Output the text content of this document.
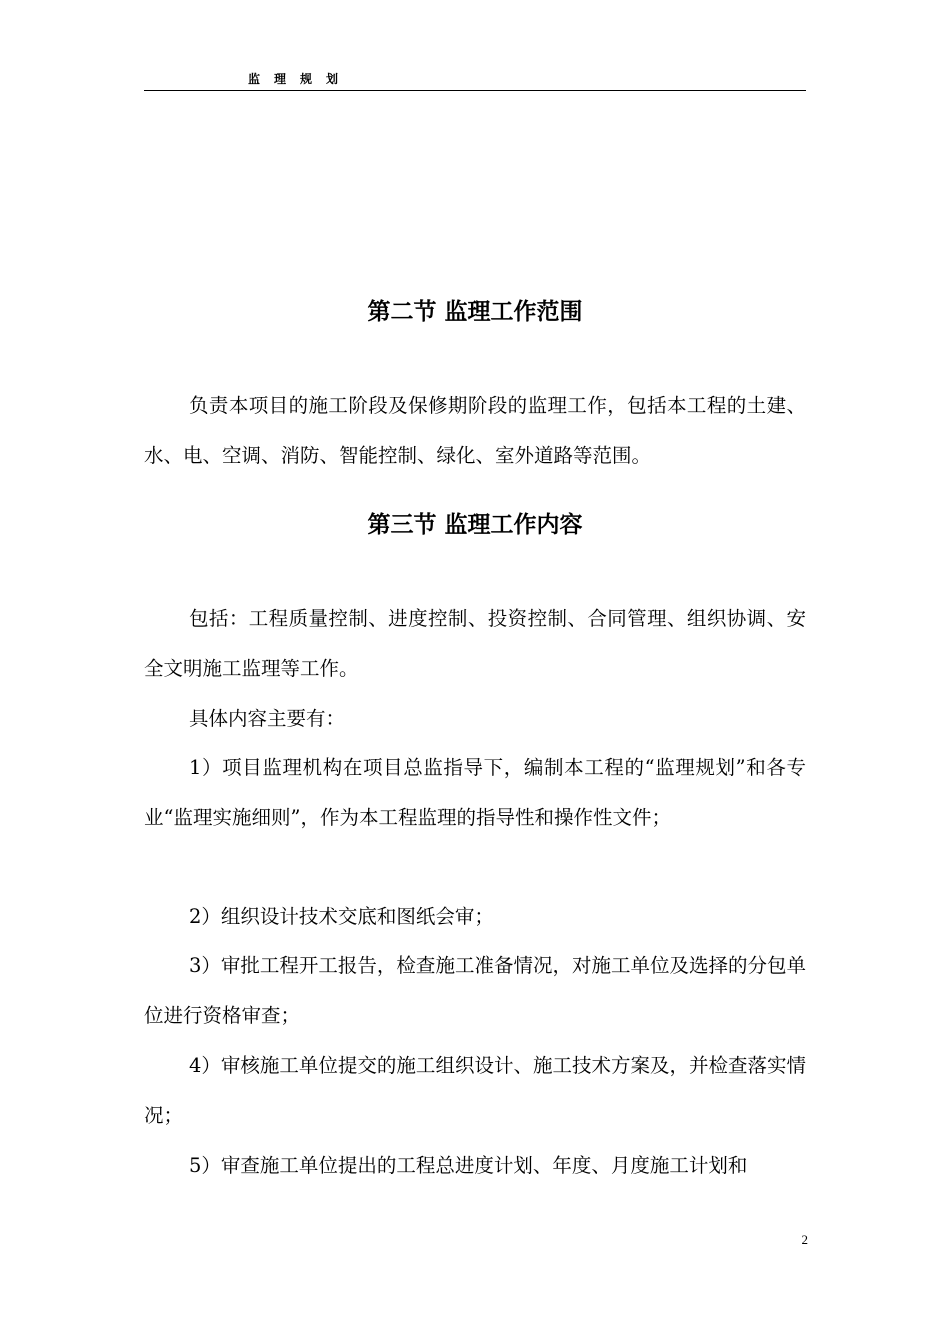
监理规划
第二节 监理工作范围
负责本项目的施工阶段及保修期阶段的监理工作，包括本工程的土建、水、电、空调、消防、智能控制、绿化、室外道路等范围。
第三节 监理工作内容
包括：工程质量控制、进度控制、投资控制、合同管理、组织协调、安全文明施工监理等工作。
具体内容主要有：
1）项目监理机构在项目总监指导下，编制本工程的“监理规划”和各专业“监理实施细则”，作为本工程监理的指导性和操作性文件；
2）组织设计技术交底和图纸会审；
3）审批工程开工报告，检查施工准备情况，对施工单位及选择的分包单位进行资格审查；
4）审核施工单位提交的施工组织设计、施工技术方案及，并检查落实情况；
5）审查施工单位提出的工程总进度计划、年度、月度施工计划和
2
